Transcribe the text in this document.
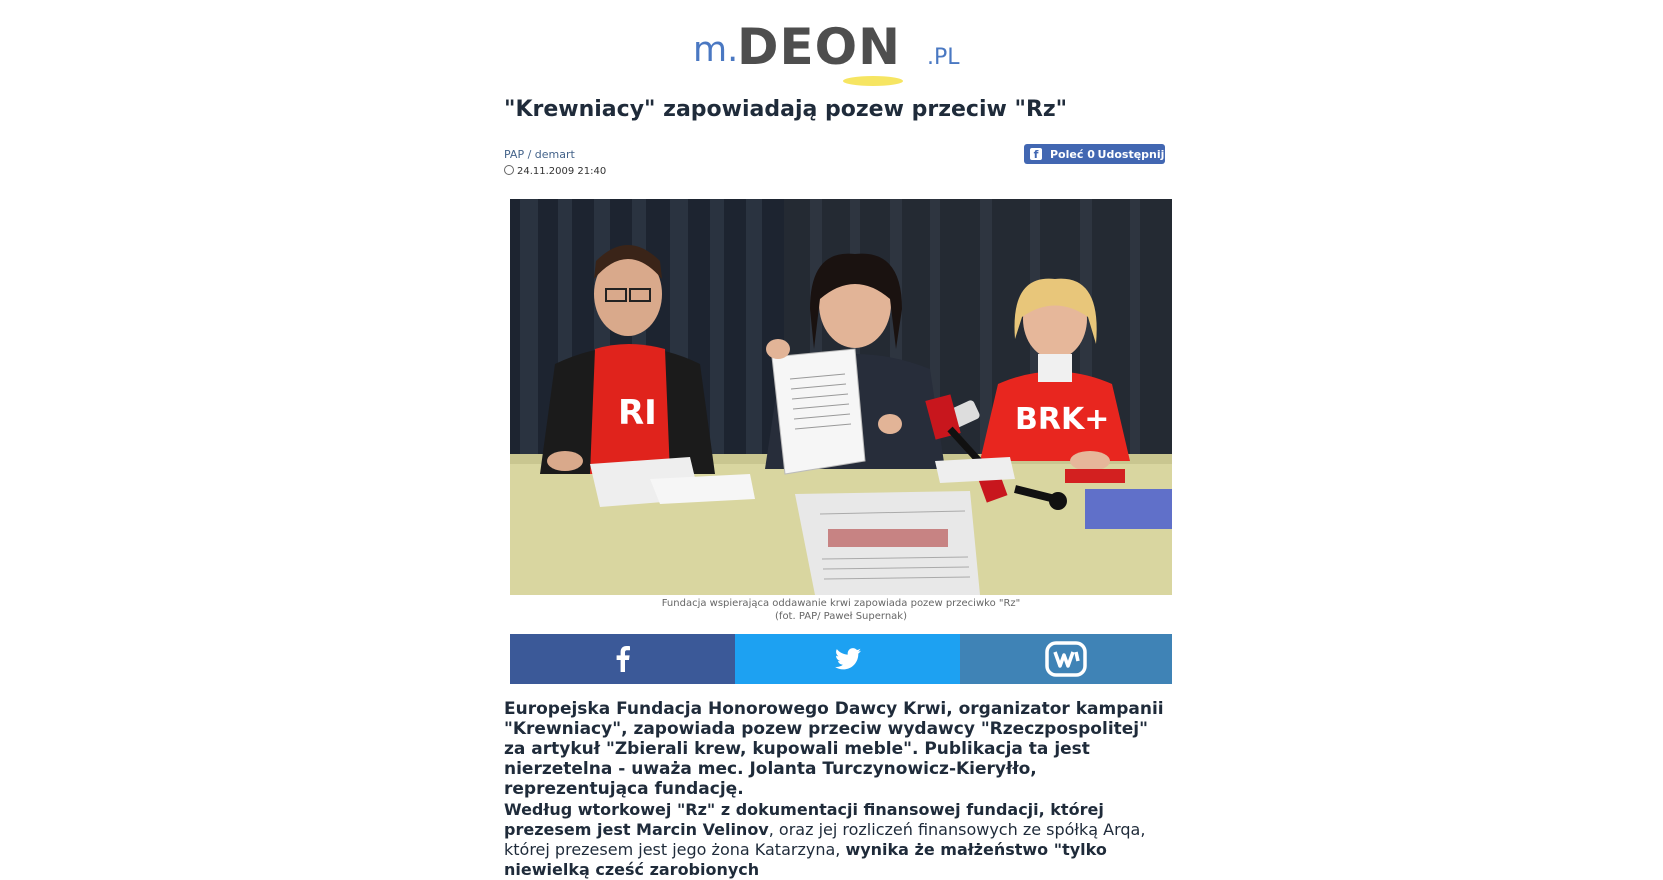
m.
DEON .PL
"Krewniacy" zapowiadają pozew przeciw "Rz"
PAP / demart
24.11.2009 21:40
f	Poleć 0 Udostępnij
RI	BRK+
Fundacja wspierająca oddawanie krwi zapowiada pozew przeciwko "Rz"
(fot. PAP/ Paweł Supernak)
Europejska Fundacja Honorowego Dawcy Krwi, organizator kampanii "Krewniacy", zapowiada pozew przeciw wydawcy "Rzeczpospolitej" za artykuł "Zbierali krew, kupowali meble". Publikacja ta jest nierzetelna - uważa mec. Jolanta Turczynowicz-Kieryłło, reprezentująca fundację.
Według wtorkowej "Rz" z dokumentacji finansowej fundacji, której prezesem jest Marcin Velinov, oraz jej rozliczeń finansowych ze spółką Arqa, której prezesem jest jego żona Katarzyna, wynika że małżeństwo "tylko niewielką cześć zarobionych
